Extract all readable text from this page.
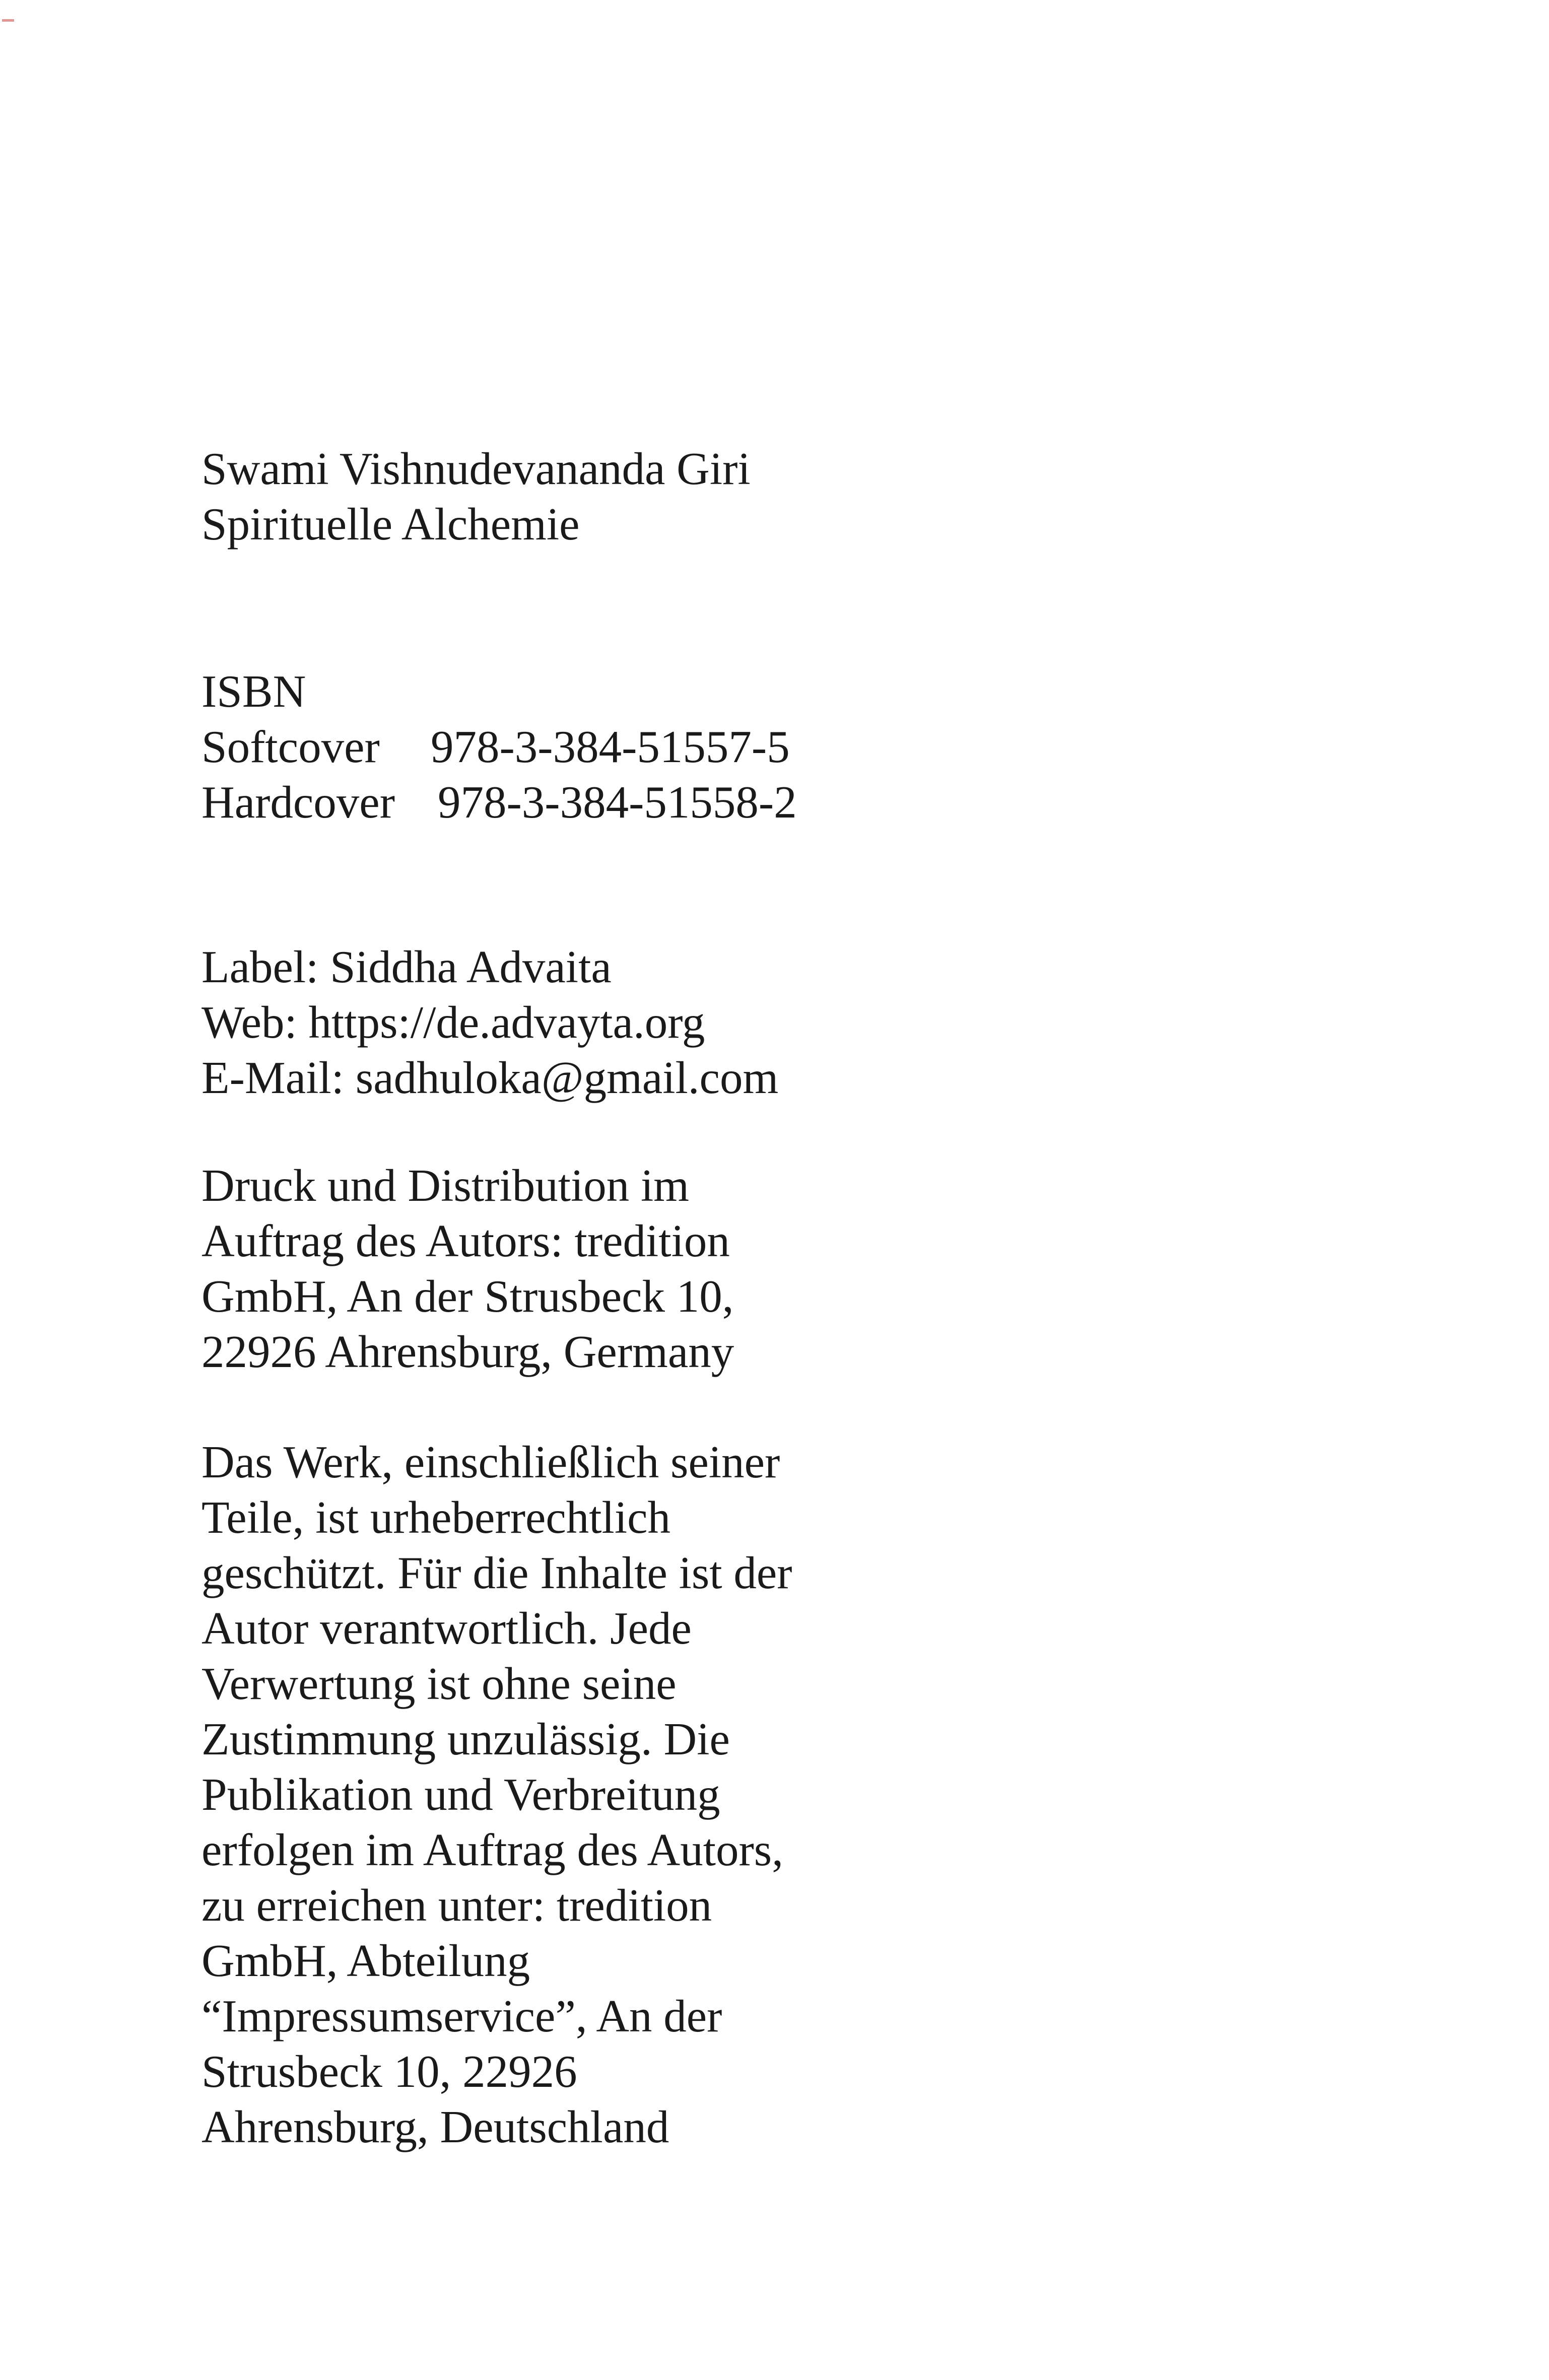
Swami Vishnudevananda Giri
Spirituelle Alchemie
ISBN
Softcover 978-3-384-51557-5
Hardcover 978-3-384-51558-2
Label: Siddha Advaita
Web: https://de.advayta.org
E-Mail: sadhuloka@gmail.com
Druck und Distribution im
Auftrag des Autors: tredition
GmbH, An der Strusbeck 10,
22926 Ahrensburg, Germany
Das Werk, einschließlich seiner
Teile, ist urheberrechtlich
geschützt. Für die Inhalte ist der
Autor verantwortlich. Jede
Verwertung ist ohne seine
Zustimmung unzulässig. Die
Publikation und Verbreitung
erfolgen im Auftrag des Autors,
zu erreichen unter: tredition
GmbH, Abteilung
“Impressumservice”, An der
Strusbeck 10, 22926
Ahrensburg, Deutschland
